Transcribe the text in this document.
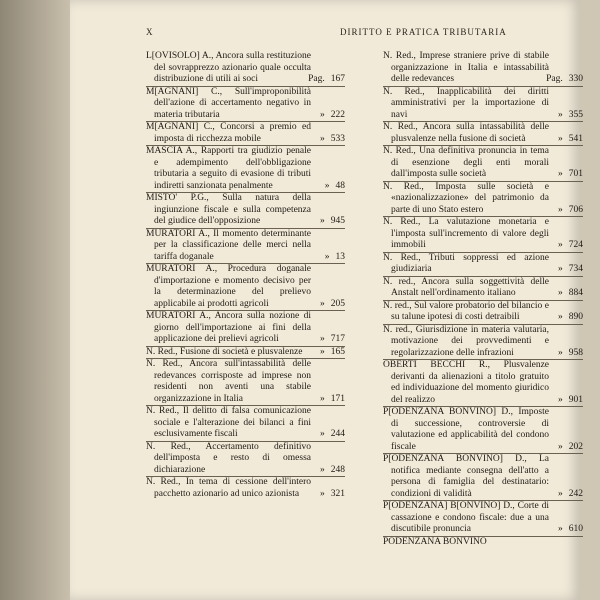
X	DIRITTO E PRATICA TRIBUTARIA
L[OVISOLO] A., Ancora sulla restituzione del sovrapprezzo azionario quale occulta distribuzione di utili ai soci	Pag. 167
M[AGNANI] C., Sull'improponibilità dell'azione di accertamento negativo in materia tributaria	» 222
M[AGNANI] C., Concorsi a premio ed imposta di ricchezza mobile	» 533
MASCIA A., Rapporti tra giudizio penale e adempimento dell'obbligazione tributaria a seguito di evasione di tributi indiretti sanzionata penalmente	» 48
MISTO' P.G., Sulla natura della ingiunzione fiscale e sulla competenza del giudice dell'opposizione	» 945
MURATORI A., Il momento determinante per la classificazione delle merci nella tariffa doganale	» 13
MURATORI A., Procedura doganale d'importazione e momento decisivo per la determinazione del prelievo applicabile ai prodotti agricoli	» 205
MURATORI A., Ancora sulla nozione di giorno dell'importazione ai fini della applicazione dei prelievi agricoli	» 717
N. Red., Fusione di società e plusvalenze	» 165
N. Red., Ancora sull'intassabilità delle redevances corrisposte ad imprese non residenti non aventi una stabile organizzazione in Italia	» 171
N. Red., Il delitto di falsa comunicazione sociale e l'alterazione dei bilanci a fini esclusivamente fiscali	» 244
N. Red., Accertamento definitivo dell'imposta e resto di omessa dichiarazione	» 248
N. Red., In tema di cessione dell'intero pacchetto azionario ad unico azionista	» 321
N. Red., Imprese straniere prive di stabile organizzazione in Italia e intassabilità delle redevances	Pag. 330
N. Red., Inapplicabilità dei diritti amministrativi per la importazione di navi	» 355
N. Red., Ancora sulla intassabilità delle plusvalenze nella fusione di società	» 541
N. Red., Una definitiva pronuncia in tema di esenzione degli enti morali dall'imposta sulle società	» 701
N. Red., Imposta sulle società e «nazionalizzazione» del patrimonio da parte di uno Stato estero	» 706
N. Red., La valutazione monetaria e l'imposta sull'incremento di valore degli immobili	» 724
N. Red., Tributi soppressi ed azione giudiziaria	» 734
N. red., Ancora sulla soggettività delle Anstalt nell'ordinamento italiano	» 884
N. red., Sul valore probatorio del bilancio e su talune ipotesi di costi detraibili	» 890
N. red., Giurisdizione in materia valutaria, motivazione dei provvedimenti e regolarizzazione delle infrazioni	» 958
OBERTI BECCHI R., Plusvalenze derivanti da alienazioni a titolo gratuito ed individuazione del momento giuridico del realizzo	» 901
P[ODENZANA BONVINO] D., Imposte di successione, controversie di valutazione ed applicabilità del condono fiscale	» 202
P[ODENZANA BONVINO] D., La notifica mediante consegna dell'atto a persona di famiglia del destinatario: condizioni di validità	» 242
P[ODENZANA] B[ONVINO] D., Corte di cassazione e condono fiscale: due a una discutibile pronuncia	» 610
PODENZANA BONVINO
